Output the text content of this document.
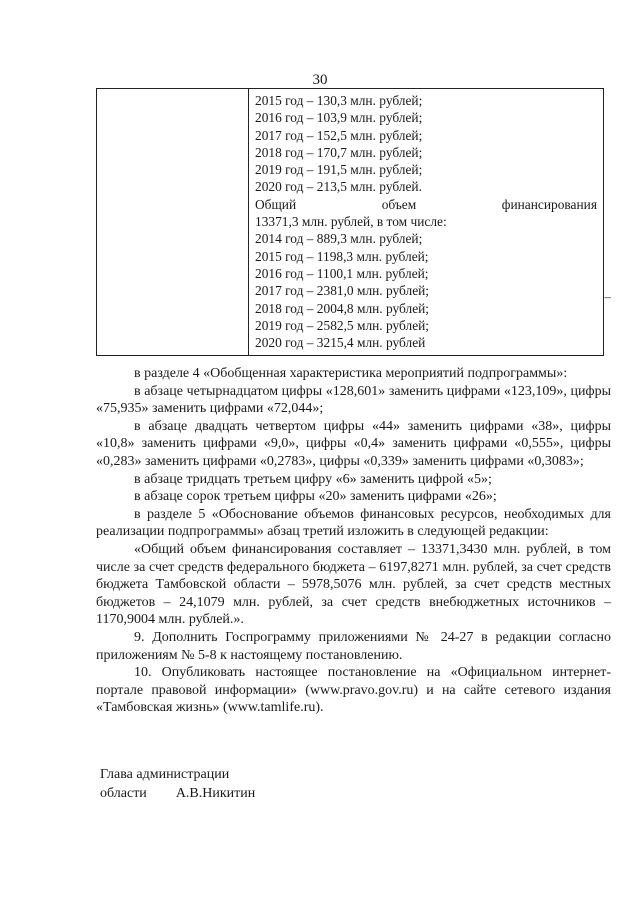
30
2015 год – 130,3 млн. рублей;
2016 год – 103,9 млн. рублей;
2017 год – 152,5 млн. рублей;
2018 год – 170,7 млн. рублей;
2019 год – 191,5 млн. рублей;
2020 год – 213,5 млн. рублей.
Общий	объем	финансирования
13371,3 млн. рублей, в том числе:
2014 год – 889,3 млн. рублей;
2015 год – 1198,3 млн. рублей;
2016 год – 1100,1 млн. рублей;
2017 год – 2381,0 млн. рублей;
2018 год – 2004,8 млн. рублей;
2019 год – 2582,5 млн. рублей;
2020 год – 3215,4 млн. рублей
–

в разделе 4 «Обобщенная характеристика мероприятий подпрограммы»:

в абзаце четырнадцатом цифры «128,601» заменить цифрами «123,109», цифры «75,935» заменить цифрами «72,044»;

в абзаце двадцать четвертом цифры «44» заменить цифрами «38», цифры «10,8» заменить цифрами «9,0», цифры «0,4» заменить цифрами «0,555», цифры «0,283» заменить цифрами «0,2783», цифры «0,339» заменить цифрами «0,3083»;

в абзаце тридцать третьем цифру «6» заменить цифрой «5»;

в абзаце сорок третьем цифры «20» заменить цифрами «26»;

в разделе 5 «Обоснование объемов финансовых ресурсов, необходимых для реализации подпрограммы» абзац третий изложить в следующей редакции:

«Общий объем финансирования составляет – 13371,3430 млн. рублей, в том числе за счет средств федерального бюджета – 6197,8271 млн. рублей, за счет средств бюджета Тамбовской области – 5978,5076 млн. рублей, за счет средств местных бюджетов – 24,1079 млн. рублей, за счет средств внебюджетных источников – 1170,9004 млн. рублей.».

9. Дополнить Госпрограмму приложениями № 24-27 в редакции согласно приложениям № 5-8 к настоящему постановлению.

10. Опубликовать настоящее постановление на «Официальном интернет-портале правовой информации» (www.pravo.gov.ru) и на сайте сетевого издания «Тамбовская жизнь» (www.tamlife.ru).

Глава администрации
области А.В.Никитин
